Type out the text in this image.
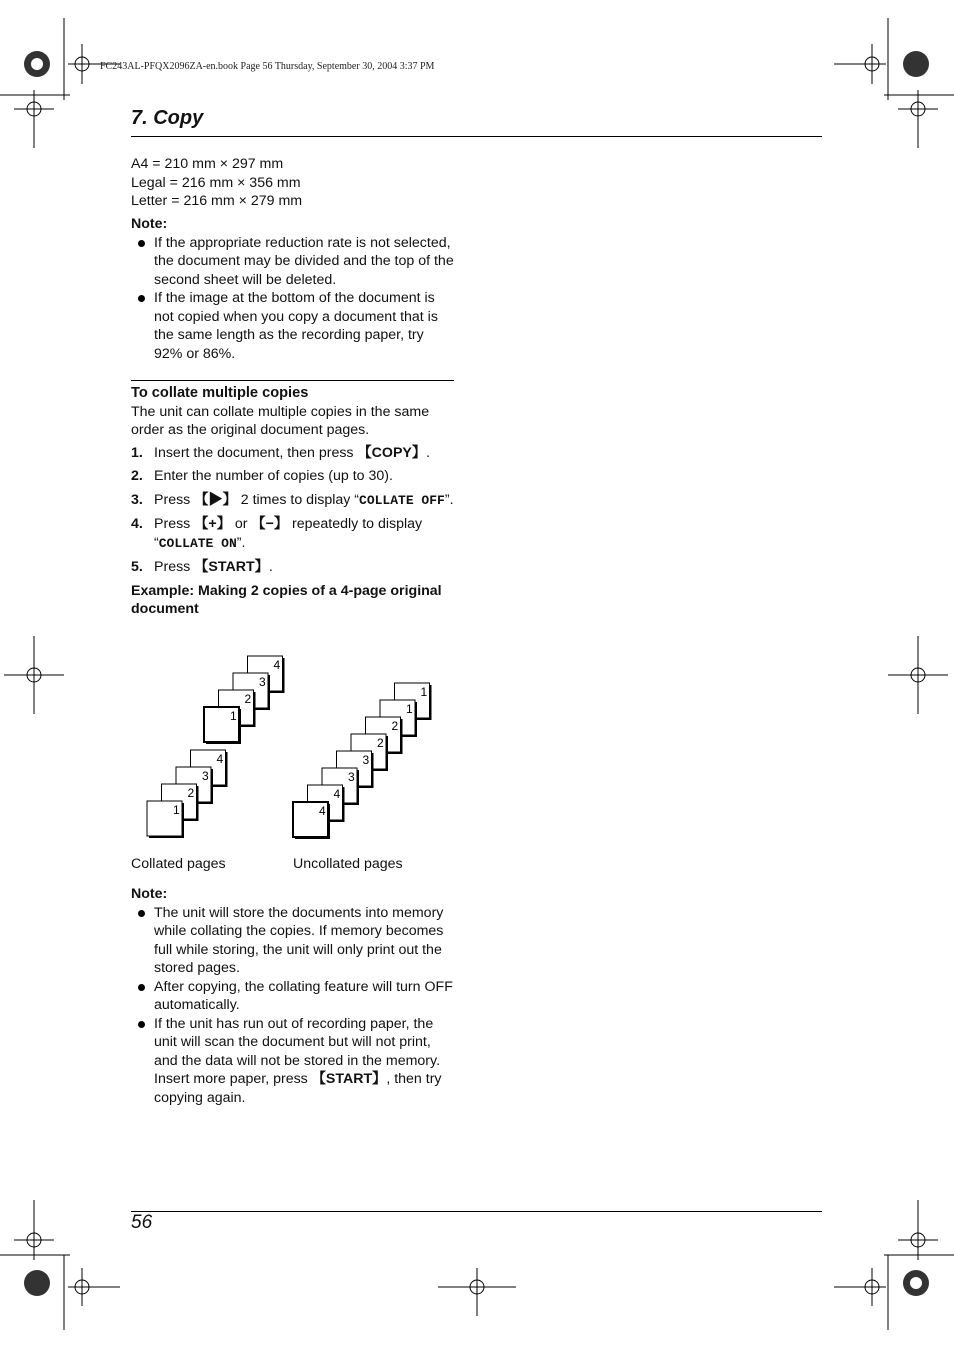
FC243AL-PFQX2096ZA-en.book Page 56 Thursday, September 30, 2004 3:37 PM
7. Copy
A4 = 210 mm × 297 mm
Legal = 216 mm × 356 mm
Letter = 216 mm × 279 mm
Note:
If the appropriate reduction rate is not selected, the document may be divided and the top of the second sheet will be deleted.
If the image at the bottom of the document is not copied when you copy a document that is the same length as the recording paper, try 92% or 86%.
To collate multiple copies
The unit can collate multiple copies in the same order as the original document pages.
1. Insert the document, then press 【COPY】.
2. Enter the number of copies (up to 30).
3. Press 【▶】 2 times to display “COLLATE OFF”.
4. Press 【+】 or 【−】 repeatedly to display “COLLATE ON”.
5. Press 【START】.
Example: Making 2 copies of a 4-page original document
4
3
2
1
4
3
2
1
1
1
2
2
3
3
4
4
Collated pages	Uncollated pages
Note:
The unit will store the documents into memory while collating the copies. If memory becomes full while storing, the unit will only print out the stored pages.
After copying, the collating feature will turn OFF automatically.
If the unit has run out of recording paper, the unit will scan the document but will not print, and the data will not be stored in the memory. Insert more paper, press 【START】, then try copying again.
56
